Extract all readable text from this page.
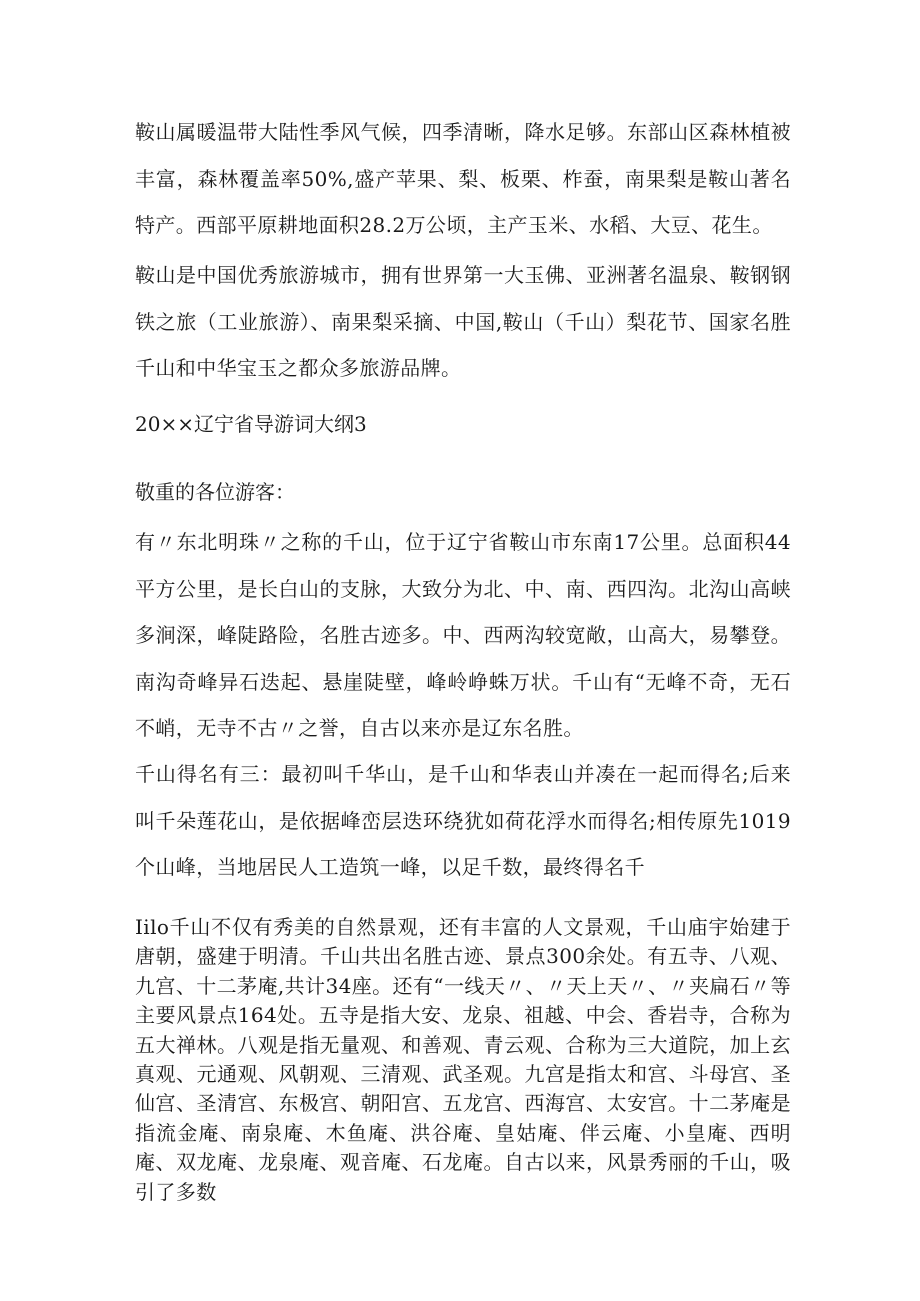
鞍山属暖温带大陆性季风气候，四季清晰，降水足够。东部山区森林植被丰富，森林覆盖率50%,盛产苹果、梨、板栗、柞蚕，南果梨是鞍山著名特产。西部平原耕地面积28.2万公顷，主产玉米、水稻、大豆、花生。
鞍山是中国优秀旅游城市，拥有世界第一大玉佛、亚洲著名温泉、鞍钢钢铁之旅（工业旅游）、南果梨采摘、中国,鞍山（千山）梨花节、国家名胜千山和中华宝玉之都众多旅游品牌。
20××辽宁省导游词大纲3
敬重的各位游客：
有〃东北明珠〃之称的千山，位于辽宁省鞍山市东南17公里。总面积44平方公里，是长白山的支脉，大致分为北、中、南、西四沟。北沟山高峡多涧深，峰陡路险，名胜古迹多。中、西两沟较宽敞，山高大，易攀登。南沟奇峰异石迭起、悬崖陡壁，峰岭峥蛛万状。千山有“无峰不奇，无石不峭，无寺不古〃之誉，自古以来亦是辽东名胜。
千山得名有三：最初叫千华山，是千山和华表山并凑在一起而得名;后来叫千朵莲花山，是依据峰峦层迭环绕犹如荷花浮水而得名;相传原先1019个山峰，当地居民人工造筑一峰，以足千数，最终得名千
Iilo千山不仅有秀美的自然景观，还有丰富的人文景观，千山庙宇始建于唐朝，盛建于明清。千山共出名胜古迹、景点300余处。有五寺、八观、九宫、十二茅庵,共计34座。还有“一线天〃、〃天上天〃、〃夹扁石〃等主要风景点164处。五寺是指大安、龙泉、祖越、中会、香岩寺，合称为五大禅林。八观是指无量观、和善观、青云观、合称为三大道院，加上玄真观、元通观、风朝观、三清观、武圣观。九宫是指太和宫、斗母宫、圣仙宫、圣清宫、东极宫、朝阳宫、五龙宫、西海宫、太安宫。十二茅庵是指流金庵、南泉庵、木鱼庵、洪谷庵、皇姑庵、伴云庵、小皇庵、西明庵、双龙庵、龙泉庵、观音庵、石龙庵。自古以来，风景秀丽的千山，吸引了多数
